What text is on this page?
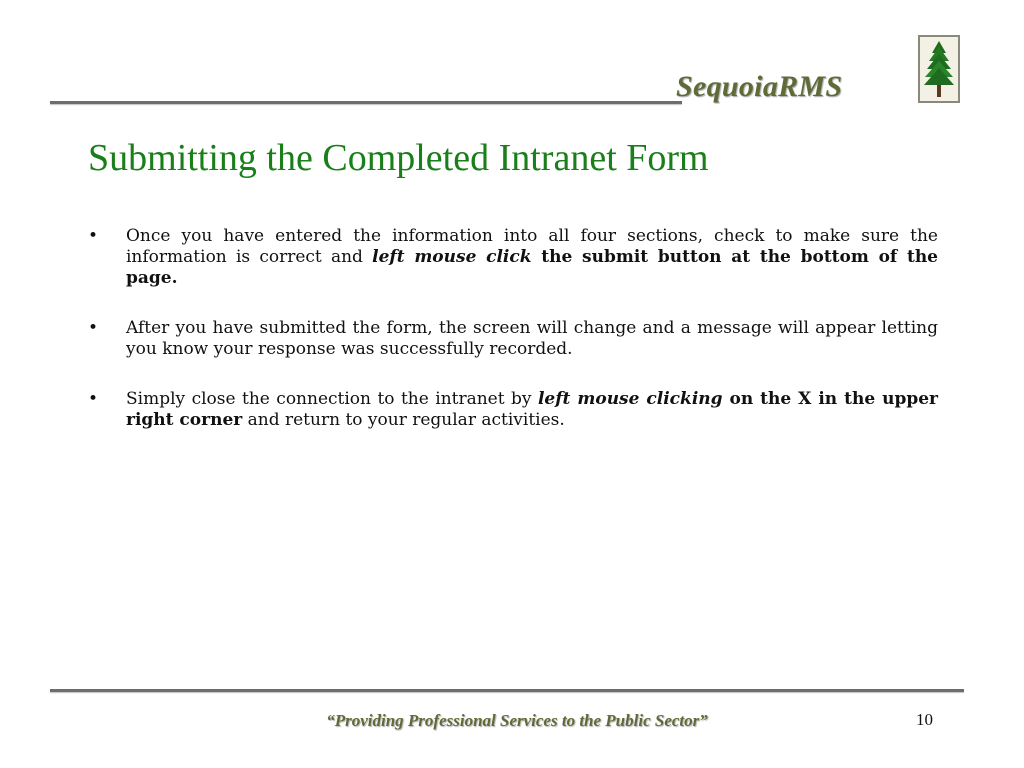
SequoiaRMS
Submitting the Completed Intranet Form
• Once you have entered the information into all four sections, check to make sure the information is correct and left mouse click the submit button at the bottom of the page.
• After you have submitted the form, the screen will change and a message will appear letting you know your response was successfully recorded.
• Simply close the connection to the intranet by left mouse clicking on the X in the upper right corner and return to your regular activities.
“Providing Professional Services to the Public Sector”	10
